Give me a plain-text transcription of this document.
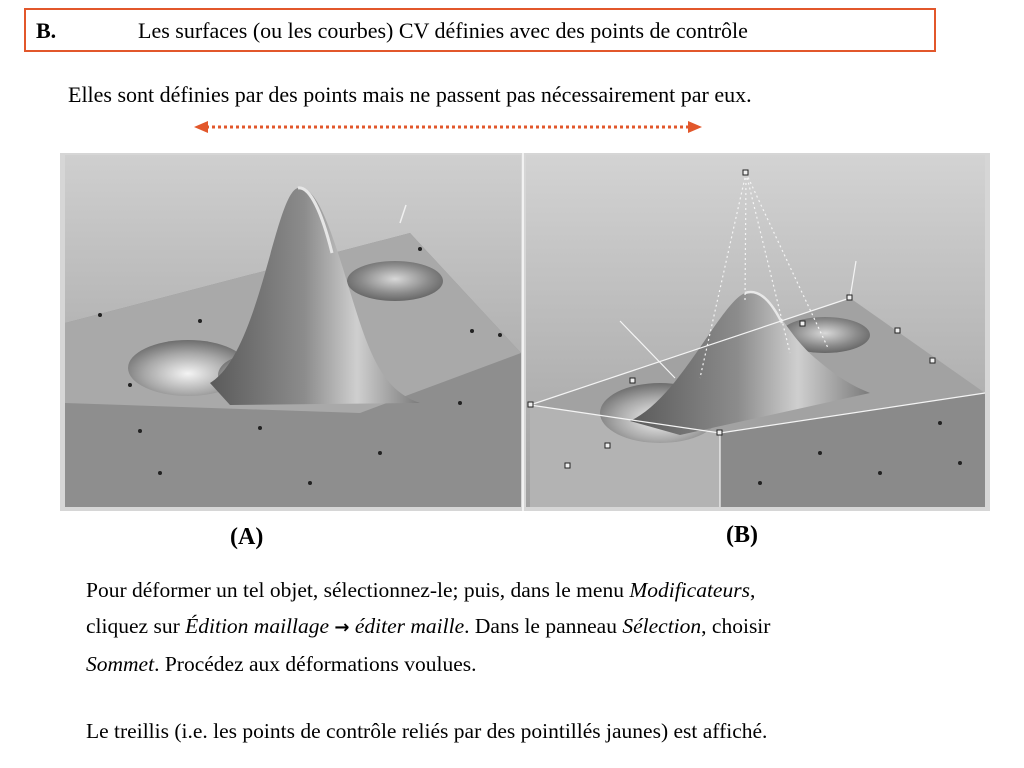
B.	Les surfaces (ou les courbes) CV définies avec des points de contrôle
Elles sont définies par des points mais ne passent pas nécessairement par eux.
(A)	(B)
Pour déformer un tel objet, sélectionnez-le; puis, dans le menu Modificateurs,
cliquez sur Édition maillage → éditer maille. Dans le panneau Sélection, choisir
Sommet. Procédez aux déformations voulues.
Le treillis (i.e. les points de contrôle reliés par des pointillés jaunes) est affiché.
